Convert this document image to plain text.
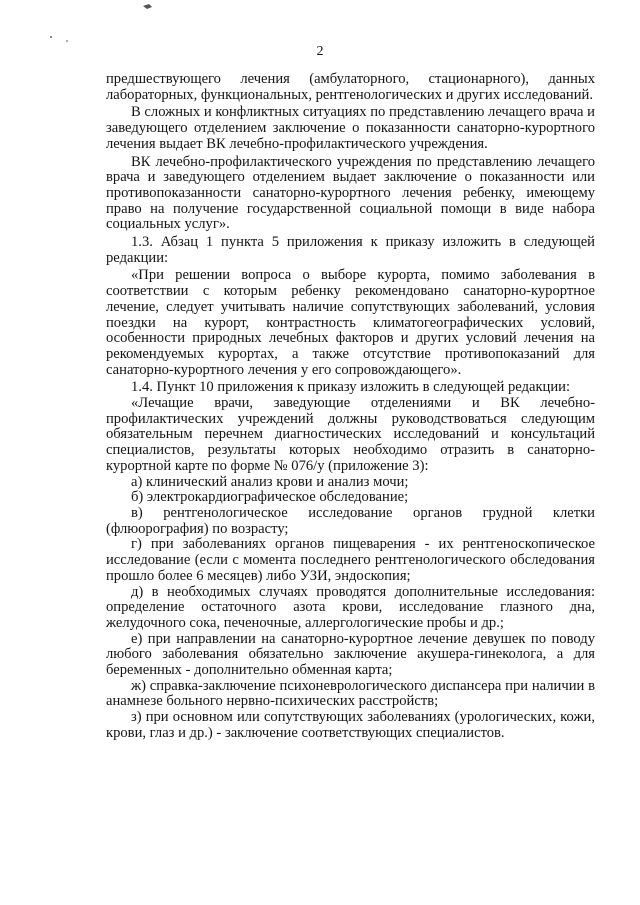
2

предшествующего лечения (амбулаторного, стационарного), данных лабораторных, функциональных, рентгенологических и других исследований.

В сложных и конфликтных ситуациях по представлению лечащего врача и заведующего отделением заключение о показанности санаторно-курортного лечения выдает ВК лечебно-профилактического учреждения.

ВК лечебно-профилактического учреждения по представлению лечащего врача и заведующего отделением выдает заключение о показанности или противопоказанности санаторно-курортного лечения ребенку, имеющему право на получение государственной социальной помощи в виде набора социальных услуг».

1.3. Абзац 1 пункта 5 приложения к приказу изложить в следующей редакции:

«При решении вопроса о выборе курорта, помимо заболевания в соответствии с которым ребенку рекомендовано санаторно-курортное лечение, следует учитывать наличие сопутствующих заболеваний, условия поездки на курорт, контрастность климатогеографических условий, особенности природных лечебных факторов и других условий лечения на рекомендуемых курортах, а также отсутствие противопоказаний для санаторно-курортного лечения у его сопровождающего».

1.4. Пункт 10 приложения к приказу изложить в следующей редакции:

«Лечащие врачи, заведующие отделениями и ВК лечебно-профилактических учреждений должны руководствоваться следующим обязательным перечнем диагностических исследований и консультаций специалистов, результаты которых необходимо отразить в санаторно-курортной карте по форме № 076/у (приложение 3):

а) клинический анализ крови и анализ мочи;

б) электрокардиографическое обследование;

в) рентгенологическое исследование органов грудной клетки (флюорография) по возрасту;

г) при заболеваниях органов пищеварения - их рентгеноскопическое исследование (если с момента последнего рентгенологического обследования прошло более 6 месяцев) либо УЗИ, эндоскопия;

д) в необходимых случаях проводятся дополнительные исследования: определение остаточного азота крови, исследование глазного дна, желудочного сока, печеночные, аллергологические пробы и др.;

е) при направлении на санаторно-курортное лечение девушек по поводу любого заболевания обязательно заключение акушера-гинеколога, а для беременных - дополнительно обменная карта;

ж) справка-заключение психоневрологического диспансера при наличии в анамнезе больного нервно-психических расстройств;

з) при основном или сопутствующих заболеваниях (урологических, кожи, крови, глаз и др.) - заключение соответствующих специалистов.
